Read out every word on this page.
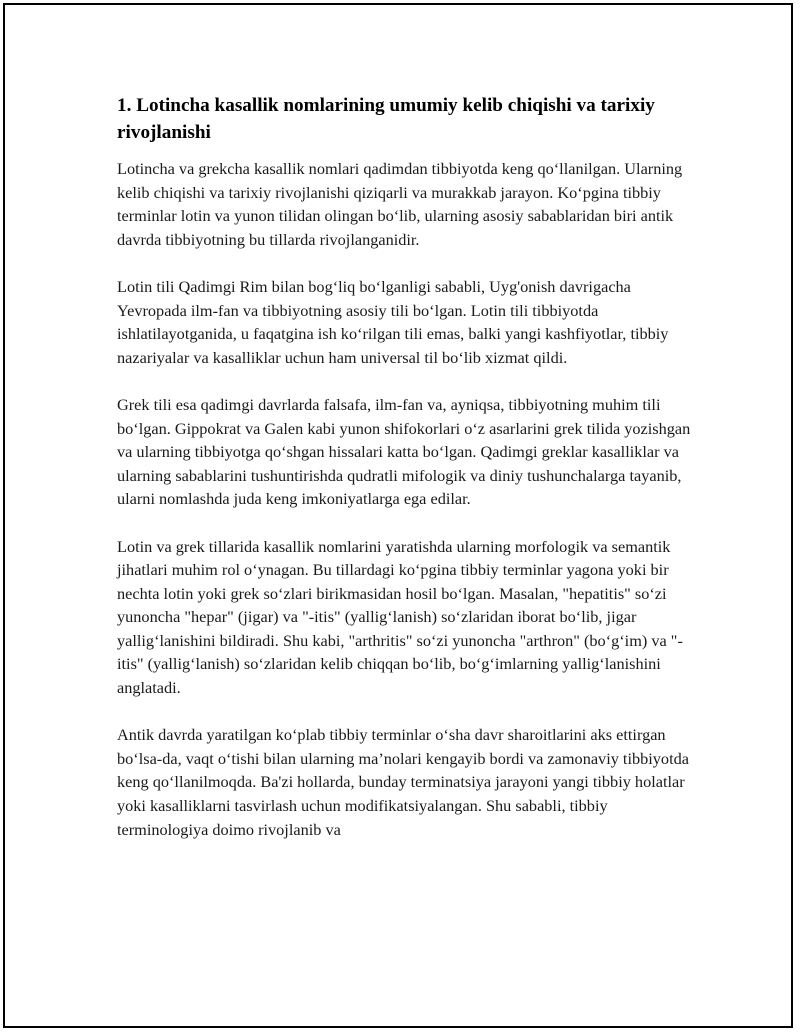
1. Lotincha kasallik nomlarining umumiy kelib chiqishi va tarixiy rivojlanishi

Lotincha va grekcha kasallik nomlari qadimdan tibbiyotda keng qo‘llanilgan. Ularning kelib chiqishi va tarixiy rivojlanishi qiziqarli va murakkab jarayon. Ko‘pgina tibbiy terminlar lotin va yunon tilidan olingan bo‘lib, ularning asosiy sabablaridan biri antik davrda tibbiyotning bu tillarda rivojlanganidir.

Lotin tili Qadimgi Rim bilan bog‘liq bo‘lganligi sababli, Uyg'onish davrigacha Yevropada ilm-fan va tibbiyotning asosiy tili bo‘lgan. Lotin tili tibbiyotda ishlatilayotganida, u faqatgina ish ko‘rilgan tili emas, balki yangi kashfiyotlar, tibbiy nazariyalar va kasalliklar uchun ham universal til bo‘lib xizmat qildi.

Grek tili esa qadimgi davrlarda falsafa, ilm-fan va, ayniqsa, tibbiyotning muhim tili bo‘lgan. Gippokrat va Galen kabi yunon shifokorlari o‘z asarlarini grek tilida yozishgan va ularning tibbiyotga qo‘shgan hissalari katta bo‘lgan. Qadimgi greklar kasalliklar va ularning sabablarini tushuntirishda qudratli mifologik va diniy tushunchalarga tayanib, ularni nomlashda juda keng imkoniyatlarga ega edilar.

Lotin va grek tillarida kasallik nomlarini yaratishda ularning morfologik va semantik jihatlari muhim rol o‘ynagan. Bu tillardagi ko‘pgina tibbiy terminlar yagona yoki bir nechta lotin yoki grek so‘zlari birikmasidan hosil bo‘lgan. Masalan, "hepatitis" so‘zi yunoncha "hepar" (jigar) va "-itis" (yallig‘lanish) so‘zlaridan iborat bo‘lib, jigar yallig‘lanishini bildiradi. Shu kabi, "arthritis" so‘zi yunoncha "arthron" (bo‘g‘im) va "-itis" (yallig‘lanish) so‘zlaridan kelib chiqqan bo‘lib, bo‘g‘imlarning yallig‘lanishini anglatadi.

Antik davrda yaratilgan ko‘plab tibbiy terminlar o‘sha davr sharoitlarini aks ettirgan bo‘lsa-da, vaqt o‘tishi bilan ularning ma’nolari kengayib bordi va zamonaviy tibbiyotda keng qo‘llanilmoqda. Ba'zi hollarda, bunday terminatsiya jarayoni yangi tibbiy holatlar yoki kasalliklarni tasvirlash uchun modifikatsiyalangan. Shu sababli, tibbiy terminologiya doimo rivojlanib va
